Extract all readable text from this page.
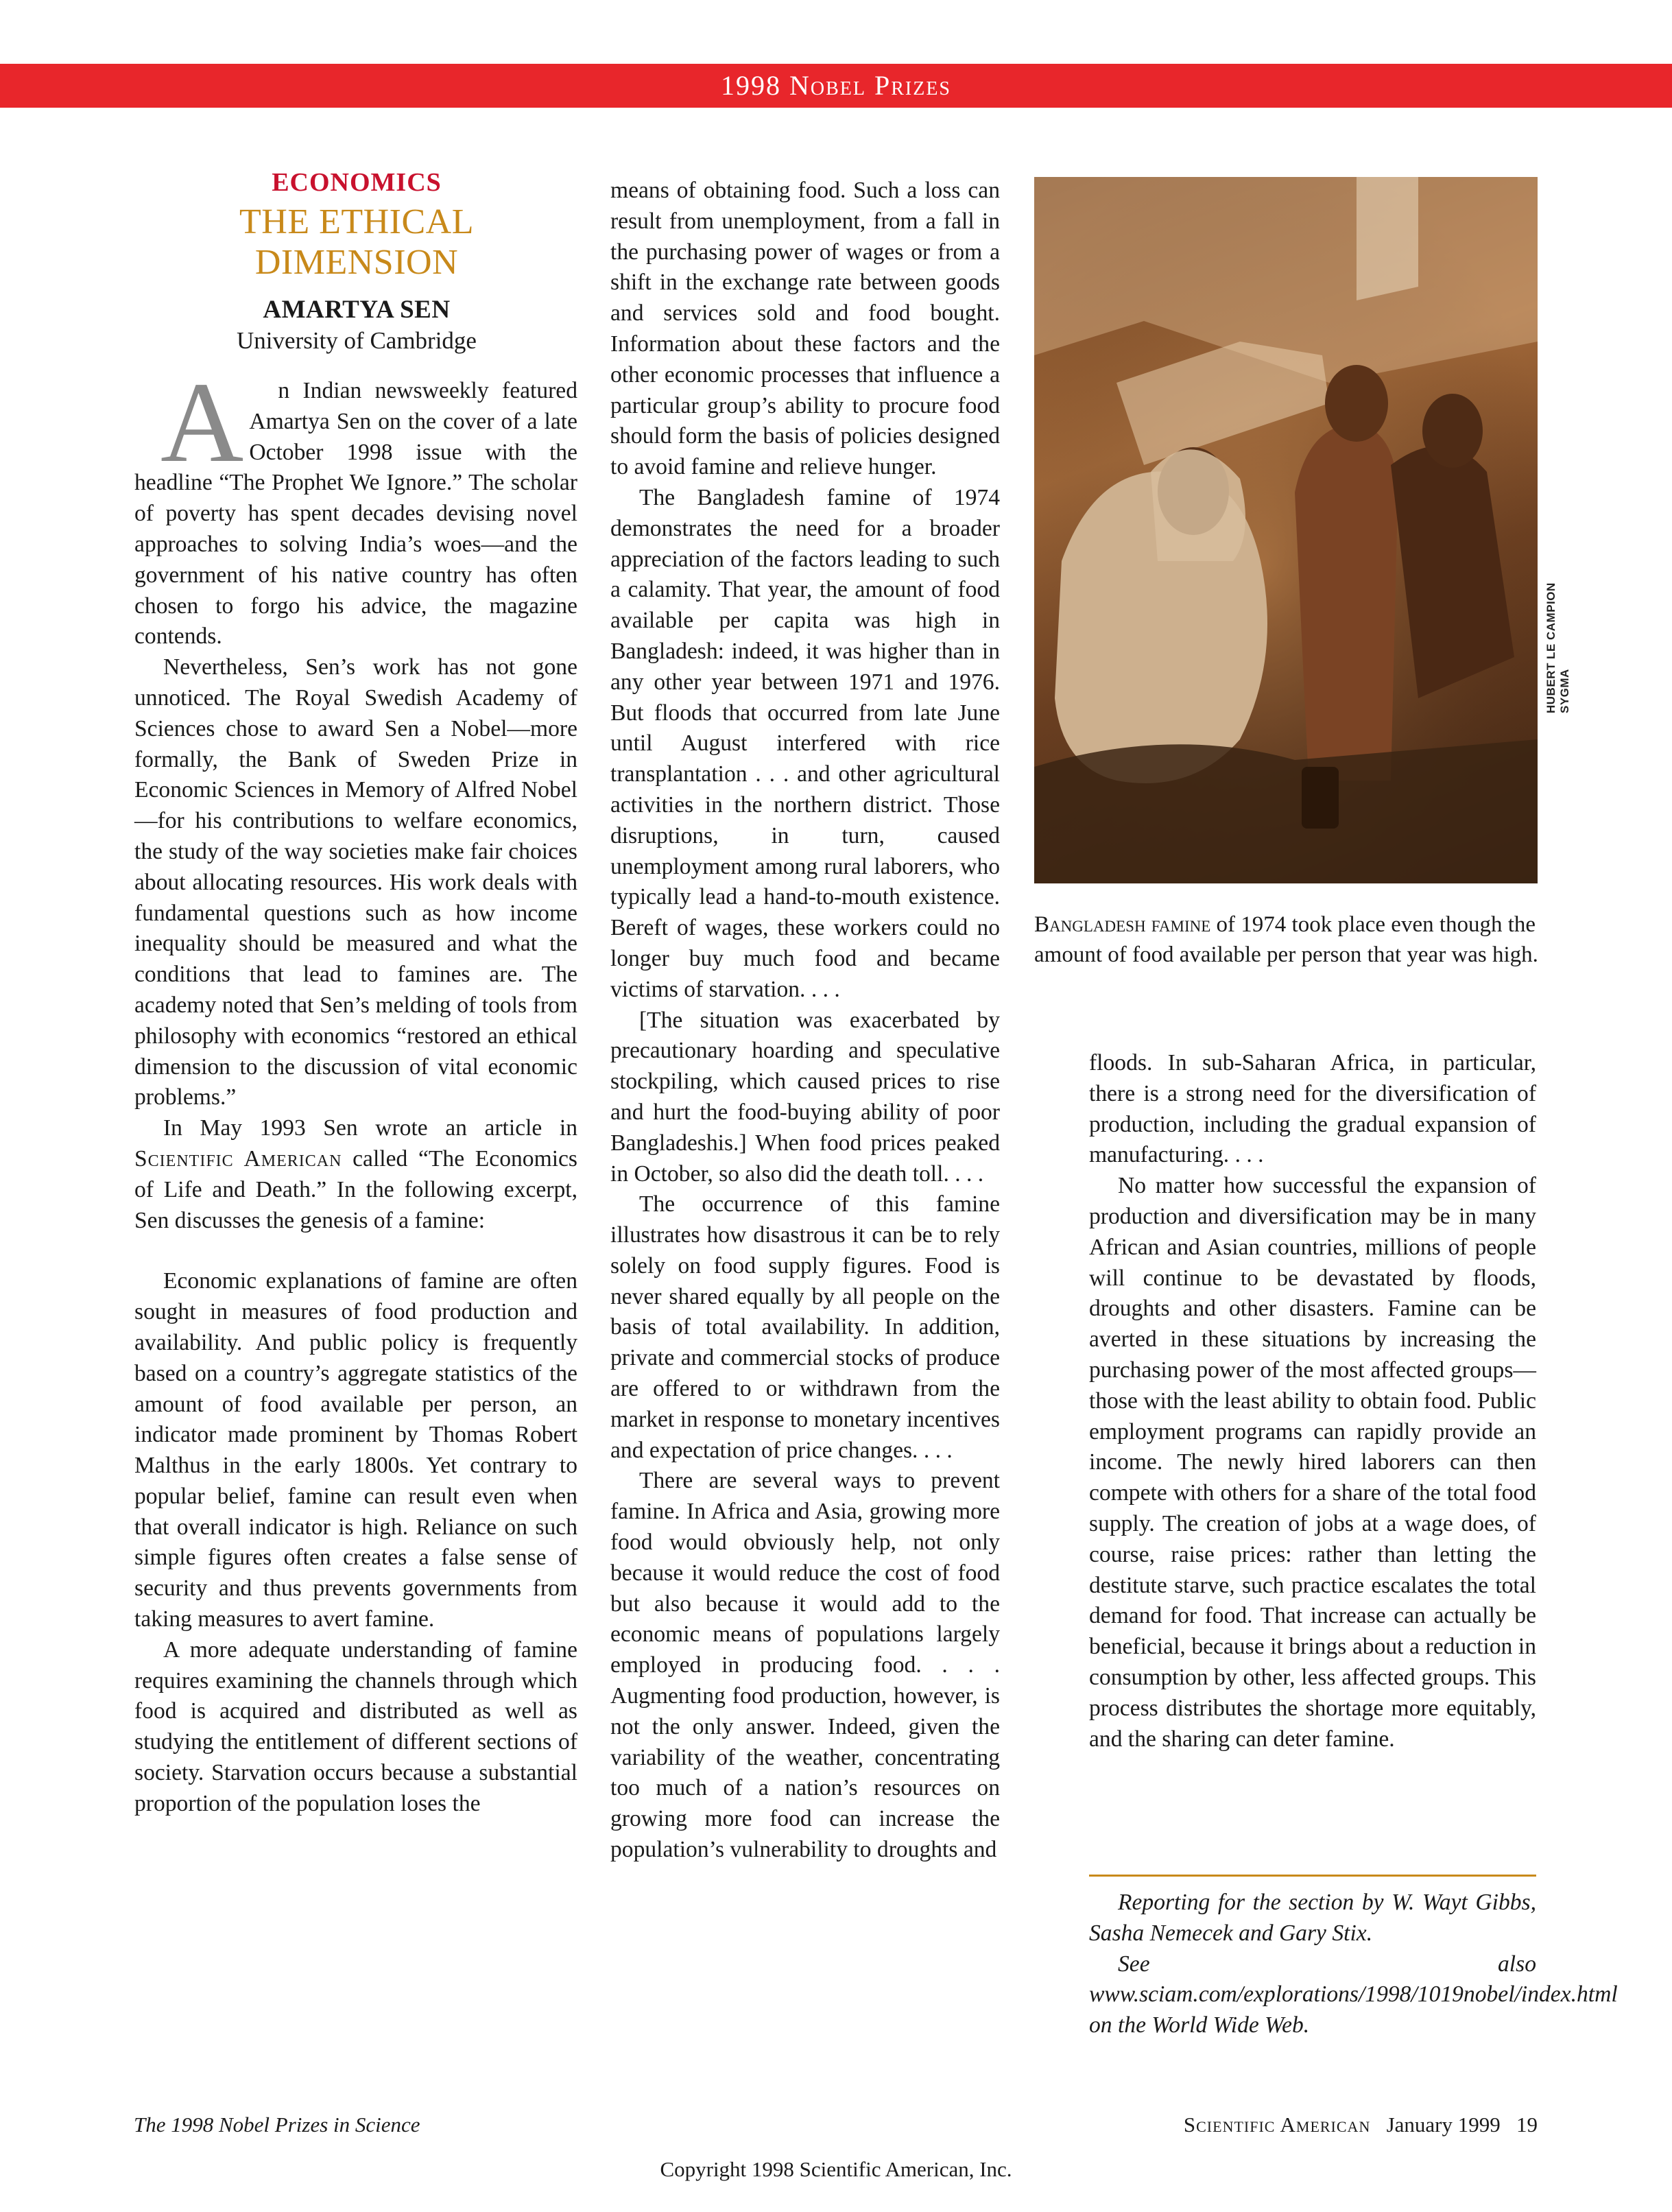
1998 Nobel Prizes
ECONOMICS
THE ETHICAL DIMENSION
AMARTYA SEN
University of Cambridge

A n Indian newsweekly featured Amartya Sen on the cover of a late October 1998 issue with the headline “The Prophet We Ignore.” The scholar of poverty has spent decades devising novel approaches to solving India’s woes—and the government of his native country has often chosen to forgo his advice, the magazine contends.

Nevertheless, Sen’s work has not gone unnoticed. The Royal Swedish Academy of Sciences chose to award Sen a Nobel—more formally, the Bank of Sweden Prize in Economic Sciences in Memory of Alfred Nobel—for his contributions to welfare economics, the study of the way societies make fair choices about allocating resources. His work deals with fundamental questions such as how income inequality should be measured and what the conditions that lead to famines are. The academy noted that Sen’s melding of tools from philosophy with economics “restored an ethical dimension to the discussion of vital economic problems.”

In May 1993 Sen wrote an article in Scientific American called “The Economics of Life and Death.” In the following excerpt, Sen discusses the genesis of a famine:

Economic explanations of famine are often sought in measures of food production and availability. And public policy is frequently based on a country’s aggregate statistics of the amount of food available per person, an indicator made prominent by Thomas Robert Malthus in the early 1800s. Yet contrary to popular belief, famine can result even when that overall indicator is high. Reliance on such simple figures often creates a false sense of security and thus prevents governments from taking measures to avert famine.

A more adequate understanding of famine requires examining the channels through which food is acquired and distributed as well as studying the entitlement of different sections of society. Starvation occurs because a substantial proportion of the population loses the

means of obtaining food. Such a loss can result from unemployment, from a fall in the purchasing power of wages or from a shift in the exchange rate between goods and services sold and food bought. Information about these factors and the other economic processes that influence a particular group’s ability to procure food should form the basis of policies designed to avoid famine and relieve hunger.

The Bangladesh famine of 1974 demonstrates the need for a broader appreciation of the factors leading to such a calamity. That year, the amount of food available per capita was high in Bangladesh: indeed, it was higher than in any other year between 1971 and 1976. But floods that occurred from late June until August interfered with rice transplantation . . . and other agricultural activities in the northern district. Those disruptions, in turn, caused unemployment among rural laborers, who typically lead a hand-to-mouth existence. Bereft of wages, these workers could no longer buy much food and became victims of starvation. . . .

[The situation was exacerbated by precautionary hoarding and speculative stockpiling, which caused prices to rise and hurt the food-buying ability of poor Bangladeshis.] When food prices peaked in October, so also did the death toll. . . .

The occurrence of this famine illustrates how disastrous it can be to rely solely on food supply figures. Food is never shared equally by all people on the basis of total availability. In addition, private and commercial stocks of produce are offered to or withdrawn from the market in response to monetary incentives and expectation of price changes. . . .

There are several ways to prevent famine. In Africa and Asia, growing more food would obviously help, not only because it would reduce the cost of food but also because it would add to the economic means of populations largely employed in producing food. . . . Augmenting food production, however, is not the only answer. Indeed, given the variability of the weather, concentrating too much of a nation’s resources on growing more food can increase the population’s vulnerability to droughts and

HUBERT LE CAMPION SYGMA
Bangladesh famine of 1974 took place even though the amount of food available per person that year was high.

floods. In sub-Saharan Africa, in particular, there is a strong need for the diversification of production, including the gradual expansion of manufacturing. . . .

No matter how successful the expansion of production and diversification may be in many African and Asian countries, millions of people will continue to be devastated by floods, droughts and other disasters. Famine can be averted in these situations by increasing the purchasing power of the most affected groups—those with the least ability to obtain food. Public employment programs can rapidly provide an income. The newly hired laborers can then compete with others for a share of the total food supply. The creation of jobs at a wage does, of course, raise prices: rather than letting the destitute starve, such practice escalates the total demand for food. That increase can actually be beneficial, because it brings about a reduction in consumption by other, less affected groups. This process distributes the shortage more equitably, and the sharing can deter famine.

Reporting for the section by W. Wayt Gibbs, Sasha Nemecek and Gary Stix.

See also www.sciam.com/explorations/1998/1019nobel/index.html on the World Wide Web.

The 1998 Nobel Prizes in Science	Scientific American January 1999 19
Copyright 1998 Scientific American, Inc.
